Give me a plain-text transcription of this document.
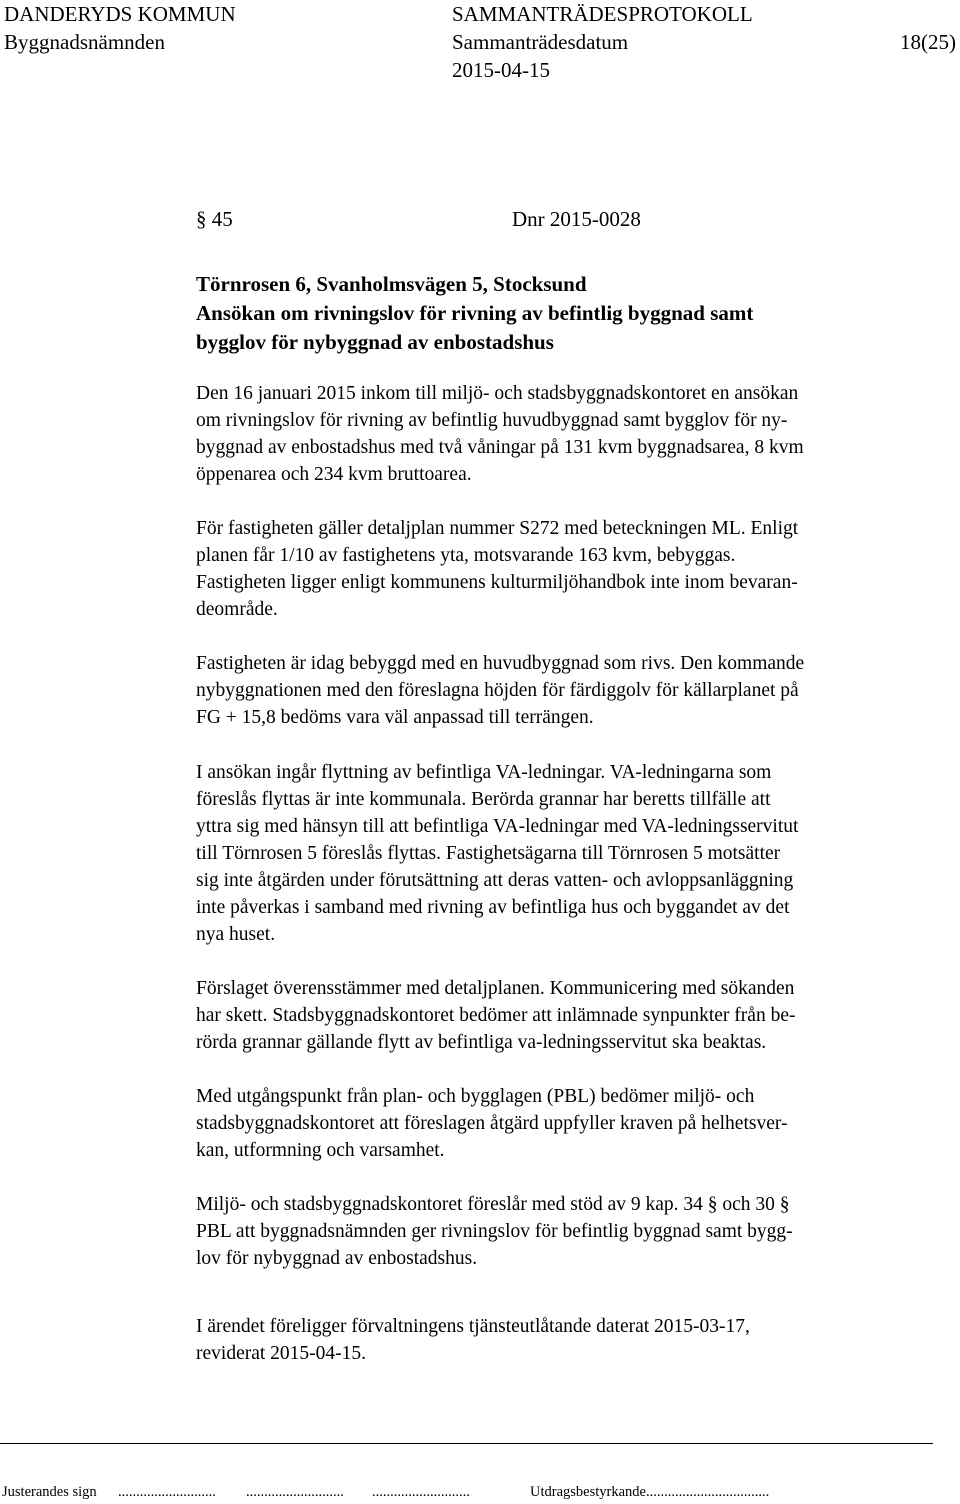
DANDERYDS KOMMUN	SAMMANTRÄDESPROTOKOLL
Byggnadsnämnden	Sammanträdesdatum	18(25)
2015-04-15
§ 45	Dnr 2015-0028
Törnrosen 6, Svanholmsvägen 5, Stocksund
Ansökan om rivningslov för rivning av befintlig byggnad samt
bygglov för nybyggnad av enbostadshus
Den 16 januari 2015 inkom till miljö- och stadsbyggnadskontoret en ansökan
om rivningslov för rivning av befintlig huvudbyggnad samt bygglov för ny-
byggnad av enbostadshus med två våningar på 131 kvm byggnadsarea, 8 kvm
öppenarea och 234 kvm bruttoarea.
För fastigheten gäller detaljplan nummer S272 med beteckningen ML. Enligt
planen får 1/10 av fastighetens yta, motsvarande 163 kvm, bebyggas.
Fastigheten ligger enligt kommunens kulturmiljöhandbok inte inom bevaran-
deområde.
Fastigheten är idag bebyggd med en huvudbyggnad som rivs. Den kommande
nybyggnationen med den föreslagna höjden för färdiggolv för källarplanet på
FG + 15,8 bedöms vara väl anpassad till terrängen.
I ansökan ingår flyttning av befintliga VA-ledningar. VA-ledningarna som
föreslås flyttas är inte kommunala. Berörda grannar har beretts tillfälle att
yttra sig med hänsyn till att befintliga VA-ledningar med VA-ledningsservitut
till Törnrosen 5 föreslås flyttas. Fastighetsägarna till Törnrosen 5 motsätter
sig inte åtgärden under förutsättning att deras vatten- och avloppsanläggning
inte påverkas i samband med rivning av befintliga hus och byggandet av det
nya huset.
Förslaget överensstämmer med detaljplanen. Kommunicering med sökanden
har skett. Stadsbyggnadskontoret bedömer att inlämnade synpunkter från be-
rörda grannar gällande flytt av befintliga va-ledningsservitut ska beaktas.
Med utgångspunkt från plan- och bygglagen (PBL) bedömer miljö- och
stadsbyggnadskontoret att föreslagen åtgärd uppfyller kraven på helhetsver-
kan, utformning och varsamhet.
Miljö- och stadsbyggnadskontoret föreslår med stöd av 9 kap. 34 § och 30 §
PBL att byggnadsnämnden ger rivningslov för befintlig byggnad samt bygg-
lov för nybyggnad av enbostadshus.
I ärendet föreligger förvaltningens tjänsteutlåtande daterat 2015-03-17,
reviderat 2015-04-15.
Justerandes sign ........................... ........................... ...........................	Utdragsbestyrkande..................................
